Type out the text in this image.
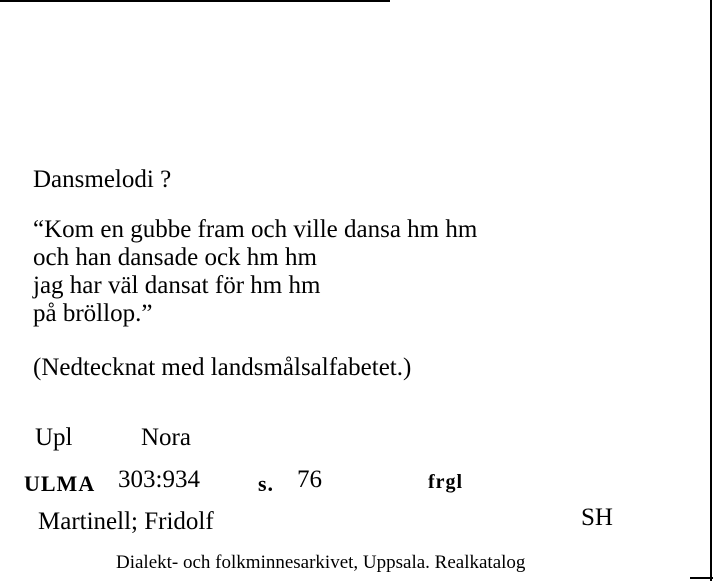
Dansmelodi ?
“Kom en gubbe fram och ville dansa hm hm
och han dansade ock hm hm
jag har väl dansat för hm hm
på bröllop.”
(Nedtecknat med landsmålsalfabetet.)
Upl	Nora
ULMA 303:934	s. 76	frgl
Martinell; Fridolf	SH
Dialekt- och folkminnesarkivet, Uppsala. Realkatalog
